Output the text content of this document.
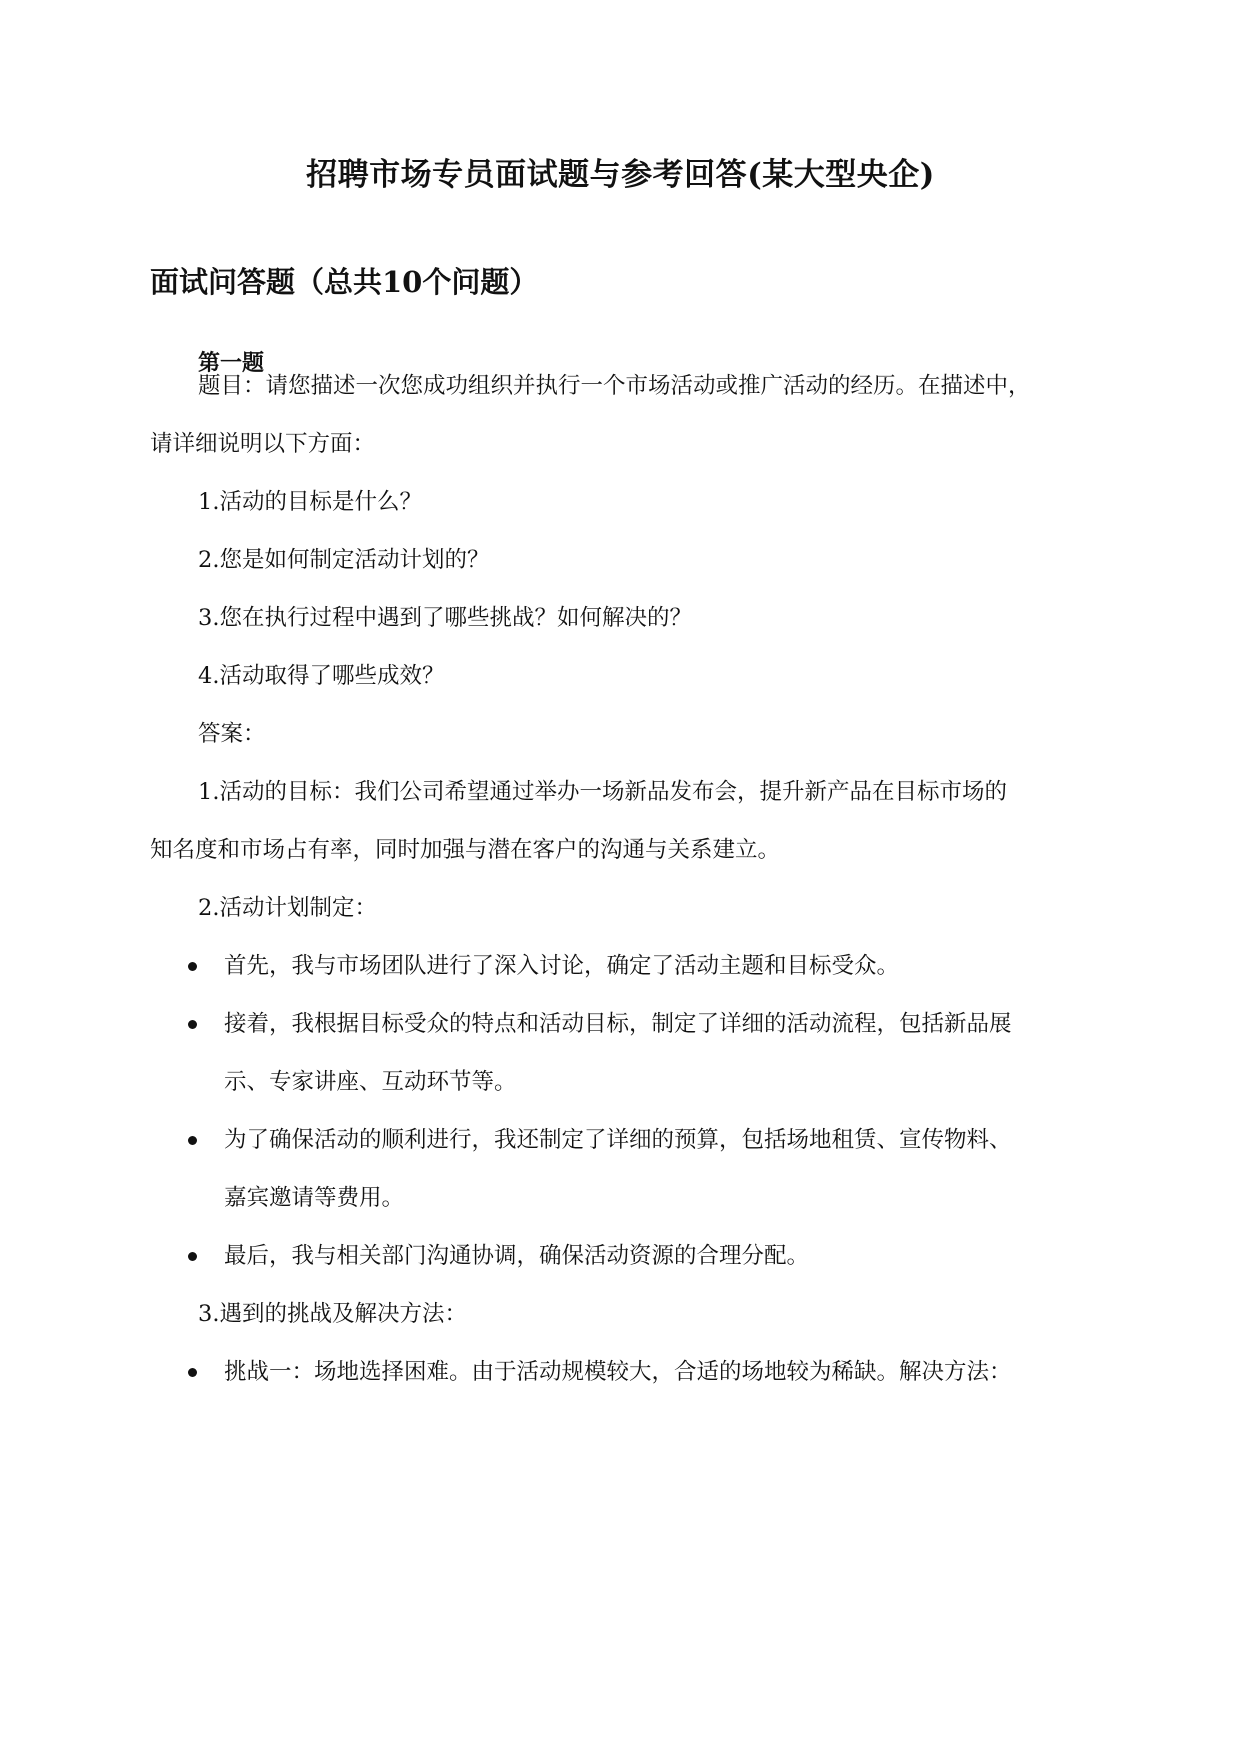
招聘市场专员面试题与参考回答(某大型央企)
面试问答题（总共10个问题）
第一题
题目：请您描述一次您成功组织并执行一个市场活动或推广活动的经历。在描述中，
请详细说明以下方面：
1.活动的目标是什么？
2.您是如何制定活动计划的？
3.您在执行过程中遇到了哪些挑战？如何解决的？
4.活动取得了哪些成效？
答案：
1.活动的目标：我们公司希望通过举办一场新品发布会，提升新产品在目标市场的
知名度和市场占有率，同时加强与潜在客户的沟通与关系建立。
2.活动计划制定：
首先，我与市场团队进行了深入讨论，确定了活动主题和目标受众。
接着，我根据目标受众的特点和活动目标，制定了详细的活动流程，包括新品展
示、专家讲座、互动环节等。
为了确保活动的顺利进行，我还制定了详细的预算，包括场地租赁、宣传物料、
嘉宾邀请等费用。
最后，我与相关部门沟通协调，确保活动资源的合理分配。
3.遇到的挑战及解决方法：
挑战一：场地选择困难。由于活动规模较大，合适的场地较为稀缺。解决方法：
